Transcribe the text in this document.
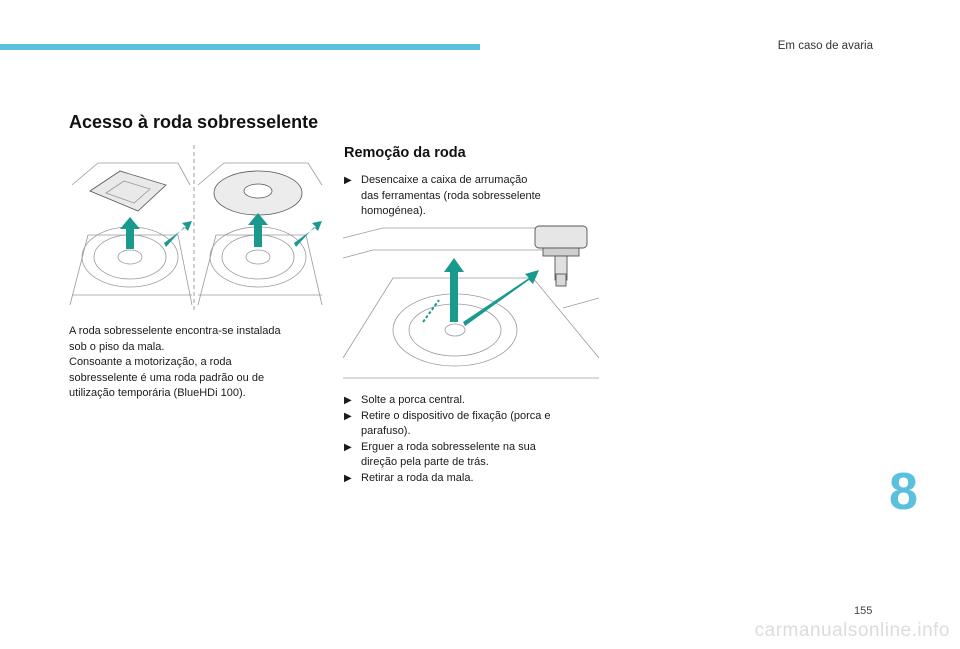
Em caso de avaria
Acesso à roda sobresselente
A roda sobresselente encontra-se instalada
sob o piso da mala.
Consoante a motorização, a roda
sobresselente é uma roda padrão ou de
utilização temporária (BlueHDi 100).
Remoção da roda
▶ Desencaixe a caixa de arrumação
das ferramentas (roda sobresselente
homogénea).
▶ Solte a porca central.
▶ Retire o dispositivo de fixação (porca e
parafuso).
▶ Erguer a roda sobresselente na sua
direção pela parte de trás.
▶ Retirar a roda da mala.	8
155
carmanualsonline.info
